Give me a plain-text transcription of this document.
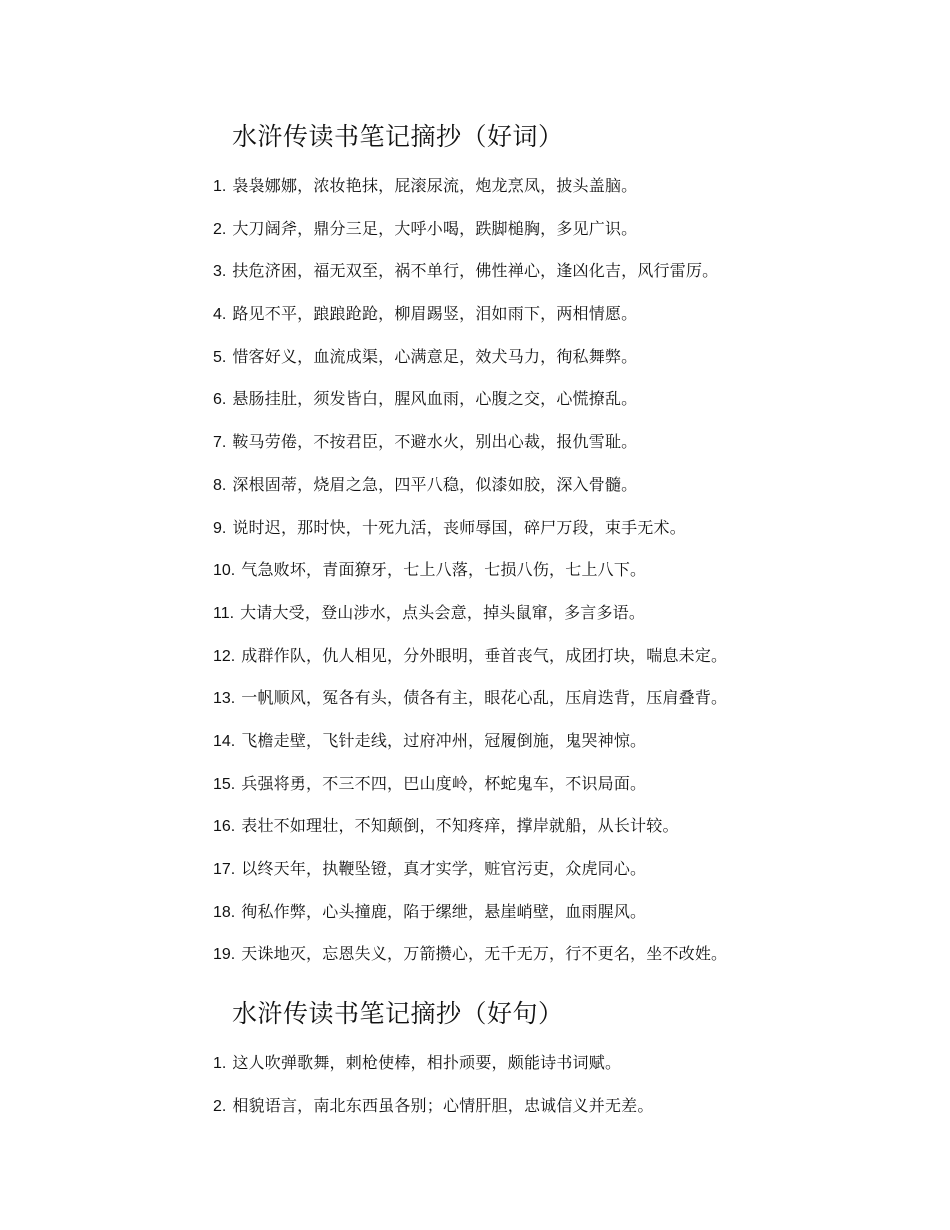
水浒传读书笔记摘抄（好词）
1. 袅袅娜娜，浓妆艳抹，屁滚尿流，炮龙烹凤，披头盖脑。
2. 大刀阔斧，鼎分三足，大呼小喝，跌脚槌胸，多见广识。
3. 扶危济困，福无双至，祸不单行，佛性禅心，逢凶化吉，风行雷厉。
4. 路见不平，踉踉跄跄，柳眉踢竖，泪如雨下，两相情愿。
5. 惜客好义，血流成渠，心满意足，效犬马力，徇私舞弊。
6. 悬肠挂肚，须发皆白，腥风血雨，心腹之交，心慌撩乱。
7. 鞍马劳倦，不按君臣，不避水火，别出心裁，报仇雪耻。
8. 深根固蒂，烧眉之急，四平八稳，似漆如胶，深入骨髓。
9. 说时迟，那时快，十死九活，丧师辱国，碎尸万段，束手无术。
10. 气急败坏，青面獠牙，七上八落，七损八伤，七上八下。
11. 大请大受，登山涉水，点头会意，掉头鼠窜，多言多语。
12. 成群作队，仇人相见，分外眼明，垂首丧气，成团打块，喘息未定。
13. 一帆顺风，冤各有头，债各有主，眼花心乱，压肩迭背，压肩叠背。
14. 飞檐走壁，飞针走线，过府冲州，冠履倒施，鬼哭神惊。
15. 兵强将勇，不三不四，巴山度岭，杯蛇鬼车，不识局面。
16. 表壮不如理壮，不知颠倒，不知疼痒，撑岸就船，从长计较。
17. 以终天年，执鞭坠镫，真才实学，赃官污吏，众虎同心。
18. 徇私作弊，心头撞鹿，陷于缧绁，悬崖峭壁，血雨腥风。
19. 天诛地灭，忘恩失义，万箭攒心，无千无万，行不更名，坐不改姓。
水浒传读书笔记摘抄（好句）
1. 这人吹弹歌舞，刺枪使棒，相扑顽要，颇能诗书词赋。
2. 相貌语言，南北东西虽各别；心情肝胆，忠诚信义并无差。
